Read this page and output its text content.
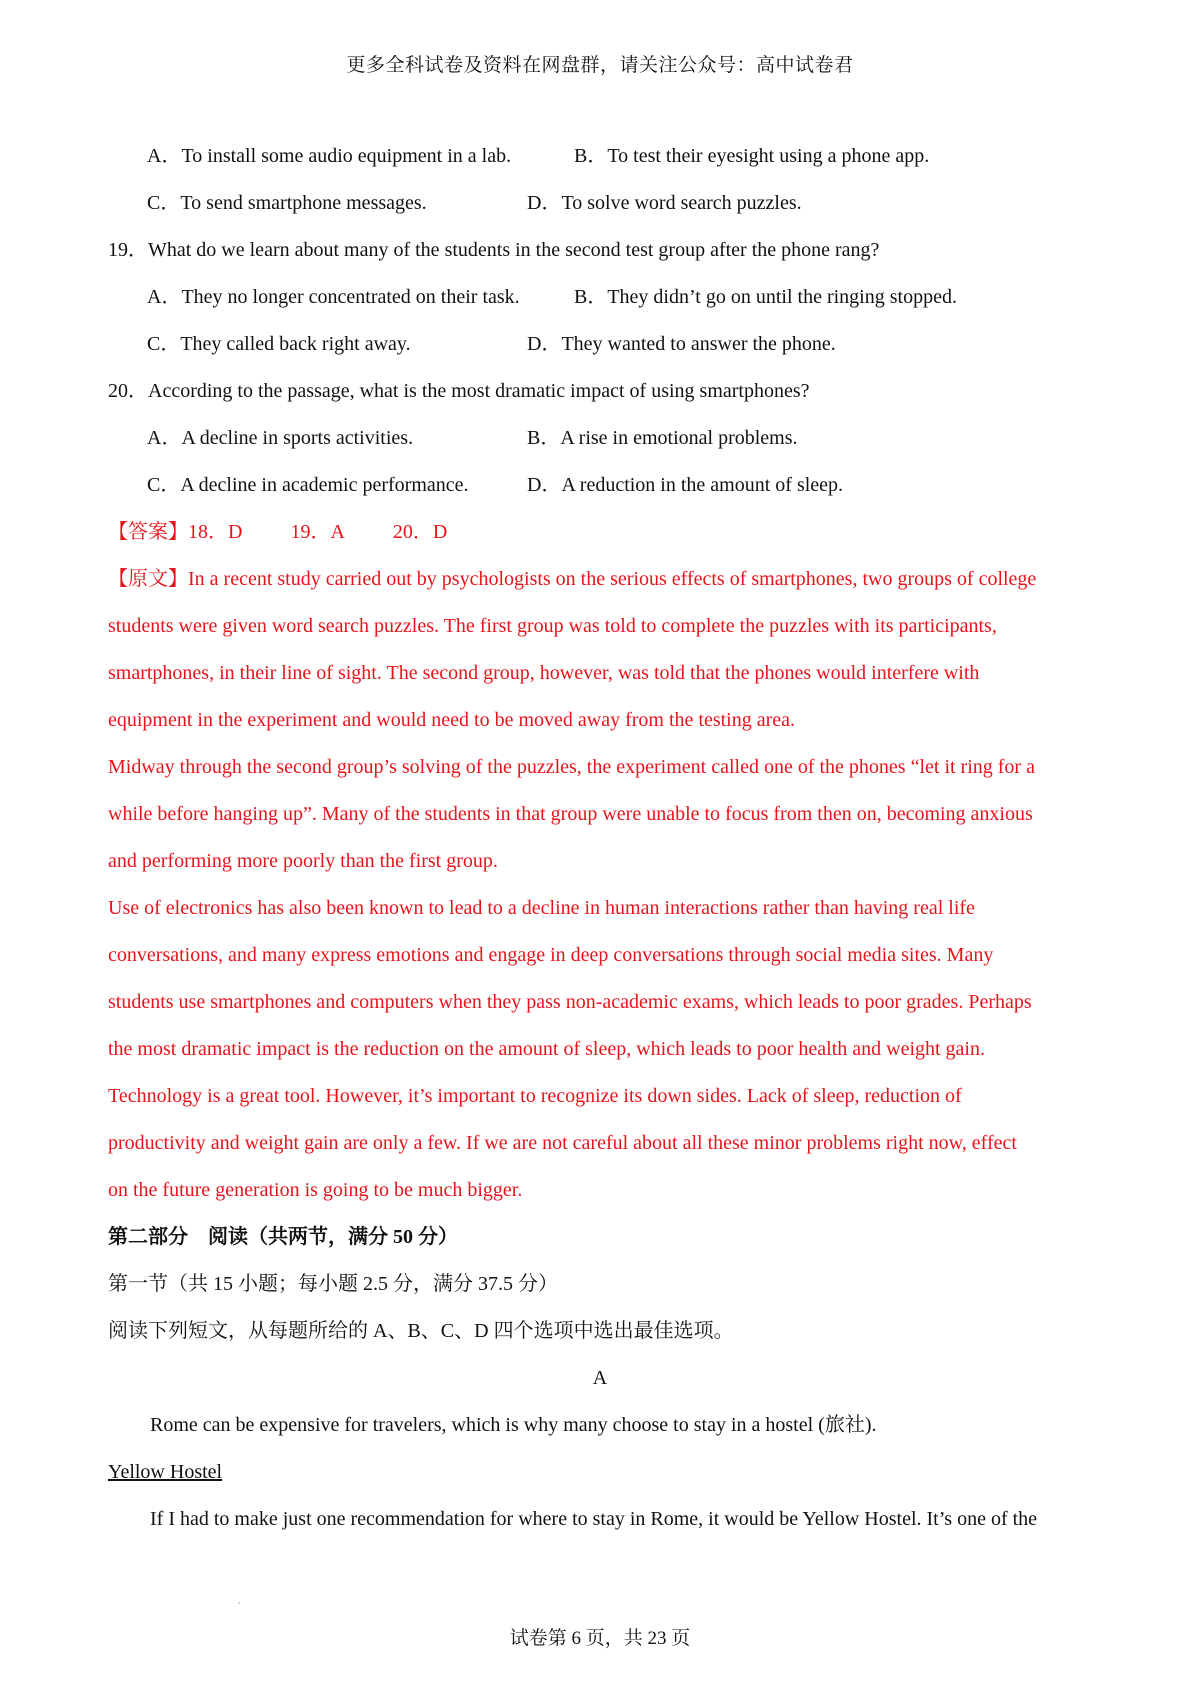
更多全科试卷及资料在网盘群，请关注公众号：高中试卷君
A．To install some audio equipment in a lab.	B．To test their eyesight using a phone app.
C．To send smartphone messages.	D．To solve word search puzzles.
19．What do we learn about many of the students in the second test group after the phone rang?
A．They no longer concentrated on their task.	B．They didn’t go on until the ringing stopped.
C．They called back right away.	D．They wanted to answer the phone.
20．According to the passage, what is the most dramatic impact of using smartphones?
A．A decline in sports activities.	B．A rise in emotional problems.
C．A decline in academic performance.	D．A reduction in the amount of sleep.
【答案】18．D 19．A 20．D
【原文】In a recent study carried out by psychologists on the serious effects of smartphones, two groups of college
students were given word search puzzles. The first group was told to complete the puzzles with its participants,
smartphones, in their line of sight. The second group, however, was told that the phones would interfere with
equipment in the experiment and would need to be moved away from the testing area.
Midway through the second group’s solving of the puzzles, the experiment called one of the phones “let it ring for a
while before hanging up”. Many of the students in that group were unable to focus from then on, becoming anxious
and performing more poorly than the first group.
Use of electronics has also been known to lead to a decline in human interactions rather than having real life
conversations, and many express emotions and engage in deep conversations through social media sites. Many
students use smartphones and computers when they pass non-academic exams, which leads to poor grades. Perhaps
the most dramatic impact is the reduction on the amount of sleep, which leads to poor health and weight gain.
Technology is a great tool. However, it’s important to recognize its down sides. Lack of sleep, reduction of
productivity and weight gain are only a few. If we are not careful about all these minor problems right now, effect
on the future generation is going to be much bigger.
第二部分　阅读（共两节，满分 50 分）
第一节（共 15 小题；每小题 2.5 分，满分 37.5 分）
阅读下列短文，从每题所给的 A、B、C、D 四个选项中选出最佳选项。
A
Rome can be expensive for travelers, which is why many choose to stay in a hostel (旅社).
Yellow Hostel
If I had to make just one recommendation for where to stay in Rome, it would be Yellow Hostel. It’s one of the
试卷第 6 页，共 23 页
